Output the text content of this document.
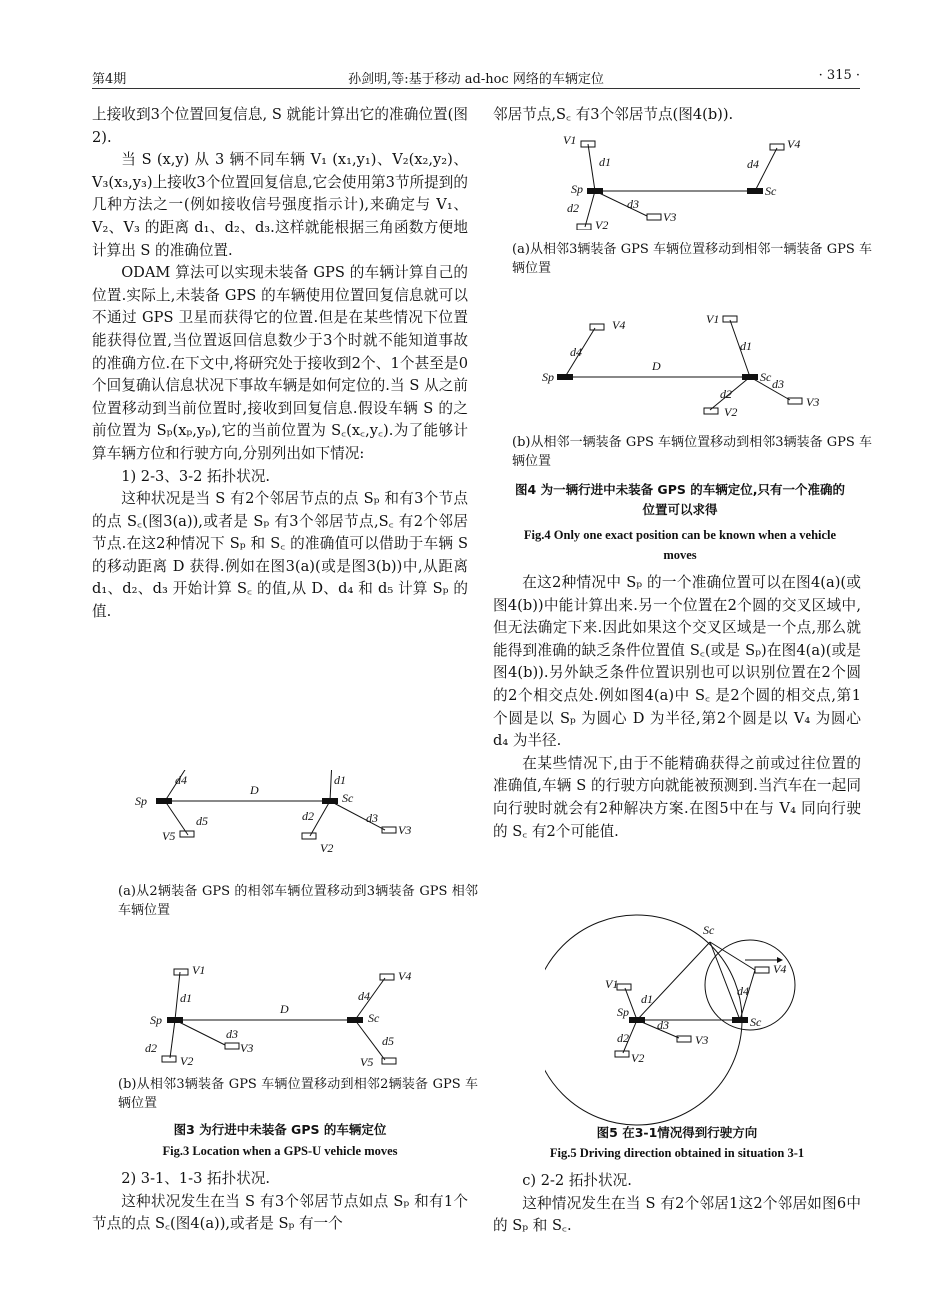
第4期	孙剑明,等:基于移动 ad-hoc 网络的车辆定位	· 315 ·

上接收到3个位置回复信息, S 就能计算出它的准确位置(图2).

当 S (x,y) 从 3 辆不同车辆 V₁ (x₁,y₁)、V₂(x₂,y₂)、V₃(x₃,y₃)上接收3个位置回复信息,它会使用第3节所提到的几种方法之一(例如接收信号强度指示计),来确定与 V₁、V₂、V₃ 的距离 d₁、d₂、d₃.这样就能根据三角函数方便地计算出 S 的准确位置.

ODAM 算法可以实现未装备 GPS 的车辆计算自己的位置.实际上,未装备 GPS 的车辆使用位置回复信息就可以不通过 GPS 卫星而获得它的位置.但是在某些情况下位置能获得位置,当位置返回信息数少于3个时就不能知道事故的准确方位.在下文中,将研究处于接收到2个、1个甚至是0个回复确认信息状况下事故车辆是如何定位的.当 S 从之前位置移动到当前位置时,接收到回复信息.假设车辆 S 的之前位置为 Sₚ(xₚ,yₚ),它的当前位置为 S꜀(x꜀,y꜀).为了能够计算车辆方位和行驶方向,分别列出如下情况:

1) 2-3、3-2 拓扑状况.

这种状况是当 S 有2个邻居节点的点 Sₚ 和有3个节点的点 S꜀(图3(a)),或者是 Sₚ 有3个邻居节点,S꜀ 有2个邻居节点.在这2种情况下 Sₚ 和 S꜀ 的准确值可以借助于车辆 S 的移动距离 D 获得.例如在图3(a)(或是图3(b))中,从距离 d₁、d₂、d₃ 开始计算 S꜀ 的值,从 D、d₄ 和 d₅ 计算 Sₚ 的值.

Sp	Sc
D
d4
d5
d1
d2	d3
V5
V2
V3
(a)从2辆装备 GPS 的相邻车辆位置移动到3辆装备 GPS 相邻车辆位置
Sp	Sc
D
V1	V4
d1	d4
d2
d3	d5
V2
V3
V5
(b)从相邻3辆装备 GPS 车辆位置移动到相邻2辆装备 GPS 车辆位置
图3 为行进中未装备 GPS 的车辆定位
Fig.3 Location when a GPS-U vehicle moves

2) 3-1、1-3 拓扑状况.

这种状况发生在当 S 有3个邻居节点如点 Sₚ 和有1个节点的点 S꜀(图4(a)),或者是 Sₚ 有一个

邻居节点,S꜀ 有3个邻居节点(图4(b)).

V1	V4
Sp	Sc
d1	d4
d2	d3
V2
V3
(a)从相邻3辆装备 GPS 车辆位置移动到相邻一辆装备 GPS 车辆位置
V4	V1
Sp	Sc
D
d4	d1
d2
d3
V2
V3
(b)从相邻一辆装备 GPS 车辆位置移动到相邻3辆装备 GPS 车辆位置
图4 为一辆行进中未装备 GPS 的车辆定位,只有一个准确的位置可以求得
Fig.4 Only one exact position can be known when a vehicle moves

在这2种情况中 Sₚ 的一个准确位置可以在图4(a)(或图4(b))中能计算出来.另一个位置在2个圆的交叉区域中,但无法确定下来.因此如果这个交叉区域是一个点,那么就能得到准确的缺乏条件位置值 S꜀(或是 Sₚ)在图4(a)(或是图4(b)).另外缺乏条件位置识别也可以识别位置在2个圆的2个相交点处.例如图4(a)中 S꜀ 是2个圆的相交点,第1个圆是以 Sₚ 为圆心 D 为半径,第2个圆是以 V₄ 为圆心 d₄ 为半径.

在某些情况下,由于不能精确获得之前或过往位置的准确值,车辆 S 的行驶方向就能被预测到.当汽车在一起同向行驶时就会有2种解决方案.在图5中在与 V₄ 同向行驶的 S꜀ 有2个可能值.

Sc
V1
V4
Sp
Sc
d1
d4
d2
d3
V2
V3
图5 在3-1情况得到行驶方向
Fig.5 Driving direction obtained in situation 3-1

c) 2-2 拓扑状况.

这种情况发生在当 S 有2个邻居1这2个邻居如图6中的 Sₚ 和 S꜀.
